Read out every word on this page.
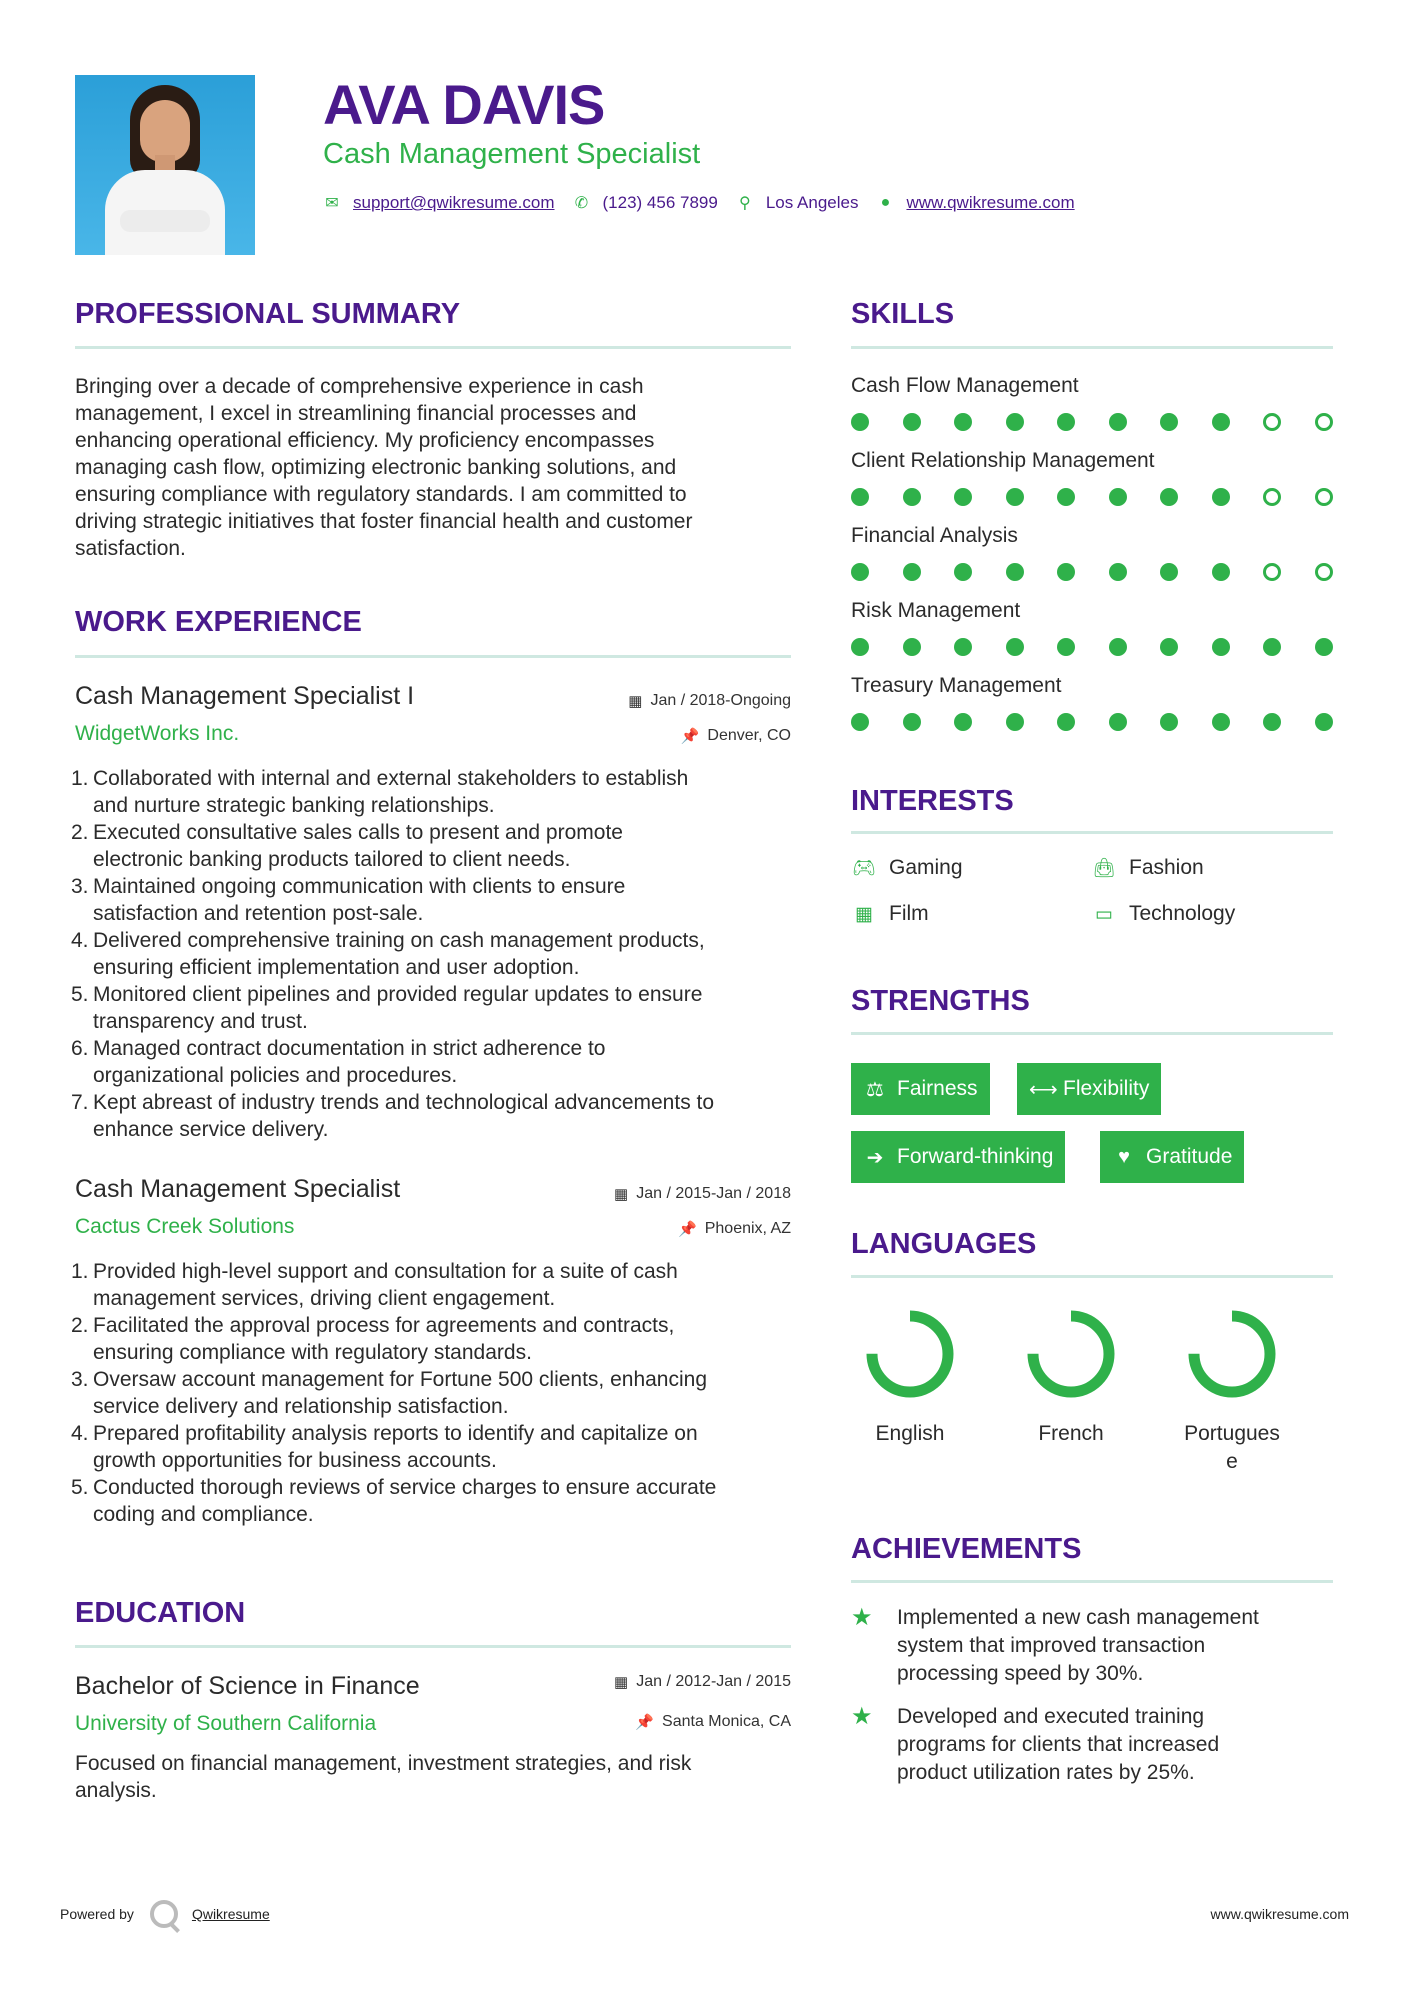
AVA DAVIS
Cash Management Specialist
✉ support@qwikresume.com ✆ (123) 456 7899 ⚲ Los Angeles ● www.qwikresume.com
PROFESSIONAL SUMMARY
Bringing over a decade of comprehensive experience in cash
management, I excel in streamlining financial processes and
enhancing operational efficiency. My proficiency encompasses
managing cash flow, optimizing electronic banking solutions, and
ensuring compliance with regulatory standards. I am committed to
driving strategic initiatives that foster financial health and customer
satisfaction.
WORK EXPERIENCE
Cash Management Specialist I
WidgetWorks Inc.
▦ Jan / 2018-Ongoing
📌 Denver, CO
1. Collaborated with internal and external stakeholders to establish
and nurture strategic banking relationships.
2. Executed consultative sales calls to present and promote
electronic banking products tailored to client needs.
3. Maintained ongoing communication with clients to ensure
satisfaction and retention post-sale.
4. Delivered comprehensive training on cash management products,
ensuring efficient implementation and user adoption.
5. Monitored client pipelines and provided regular updates to ensure
transparency and trust.
6. Managed contract documentation in strict adherence to
organizational policies and procedures.
7. Kept abreast of industry trends and technological advancements to
enhance service delivery.
Cash Management Specialist
Cactus Creek Solutions
▦ Jan / 2015-Jan / 2018
📌 Phoenix, AZ
1. Provided high-level support and consultation for a suite of cash
management services, driving client engagement.
2. Facilitated the approval process for agreements and contracts,
ensuring compliance with regulatory standards.
3. Oversaw account management for Fortune 500 clients, enhancing
service delivery and relationship satisfaction.
4. Prepared profitability analysis reports to identify and capitalize on
growth opportunities for business accounts.
5. Conducted thorough reviews of service charges to ensure accurate
coding and compliance.
EDUCATION
Bachelor of Science in Finance
University of Southern California
▦ Jan / 2012-Jan / 2015
📌 Santa Monica, CA
Focused on financial management, investment strategies, and risk
analysis.
SKILLS
Cash Flow Management
Client Relationship Management
Financial Analysis
Risk Management
Treasury Management
INTERESTS
🎮︎ Gaming	👜︎ Fashion
▦ Film	▭ Technology
STRENGTHS
⚖ Fairness	⟷ Flexibility
➔ Forward-thinking	♥ Gratitude
LANGUAGES
English	French	Portugues
e
ACHIEVEMENTS
★	Implemented a new cash management
system that improved transaction
processing speed by 30%.
★	Developed and executed training
programs for clients that increased
product utilization rates by 25%.
Powered by	Qwikresume	www.qwikresume.com
